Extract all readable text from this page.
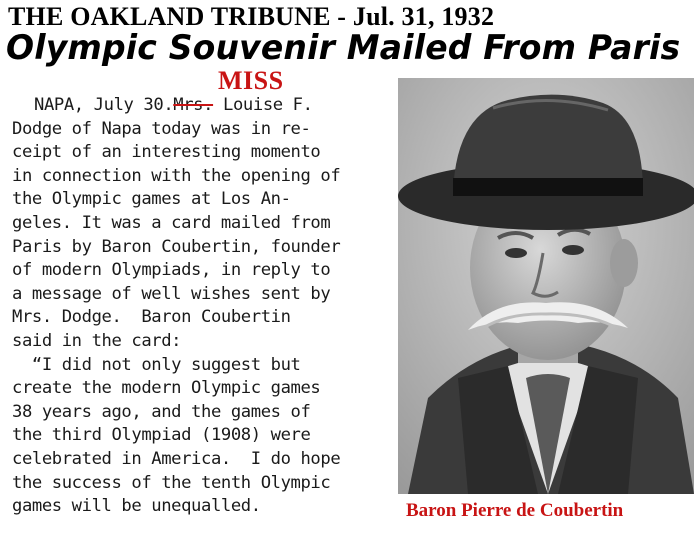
THE OAKLAND TRIBUNE - Jul. 31, 1932
Olympic Souvenir Mailed From Paris
MISS
NAPA, July 30.Mrs. Louise F.
Dodge of Napa today was in re-
ceipt of an interesting momento
in connection with the opening of
the Olympic games at Los An-
geles. It was a card mailed from
Paris by Baron Coubertin, founder
of modern Olympiads, in reply to
a message of well wishes sent by
Mrs. Dodge.  Baron Coubertin
said in the card:
“I did not only suggest but
create the modern Olympic games
38 years ago, and the games of
the third Olympiad (1908) were
celebrated in America.  I do hope
the success of the tenth Olympic
games will be unequalled.	Baron Pierre de Coubertin
